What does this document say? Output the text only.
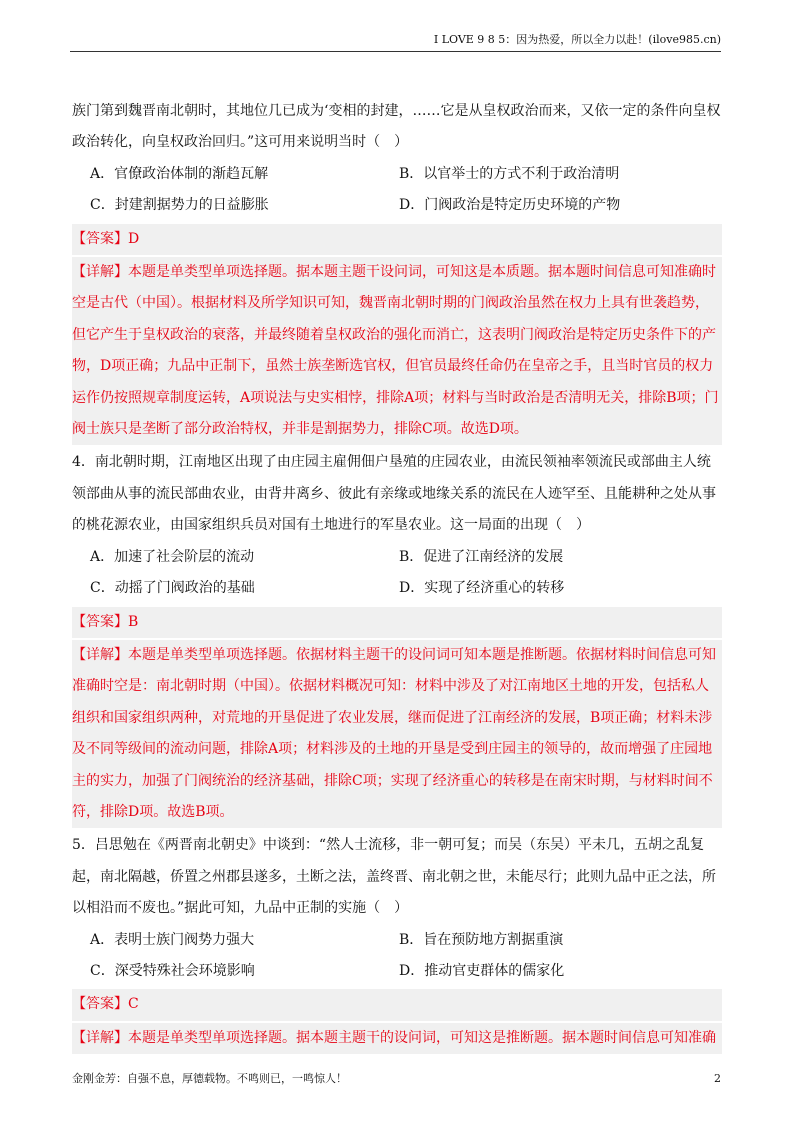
I LOVE 9 8 5：因为热爱，所以全力以赴！(ilove985.cn)

族门第到魏晋南北朝时，其地位几已成为‘变相的封建，……它是从皇权政治而来，又依一定的条件向皇权政治转化，向皇权政治回归。”这可用来说明当时（　）

A．官僚政治体制的渐趋瓦解	B．以官举士的方式不利于政治清明
C．封建割据势力的日益膨胀	D．门阀政治是特定历史环境的产物
【答案】D
【详解】本题是单类型单项选择题。据本题主题干设问词，可知这是本质题。据本题时间信息可知准确时空是古代（中国）。根据材料及所学知识可知，魏晋南北朝时期的门阀政治虽然在权力上具有世袭趋势，但它产生于皇权政治的衰落，并最终随着皇权政治的强化而消亡，这表明门阀政治是特定历史条件下的产物，D项正确；九品中正制下，虽然士族垄断选官权，但官员最终任命仍在皇帝之手，且当时官员的权力运作仍按照规章制度运转，A项说法与史实相悖，排除A项；材料与当时政治是否清明无关，排除B项；门阀士族只是垄断了部分政治特权，并非是割据势力，排除C项。故选D项。

4．南北朝时期，江南地区出现了由庄园主雇佣佃户垦殖的庄园农业，由流民领袖率领流民或部曲主人统领部曲从事的流民部曲农业，由背井离乡、彼此有亲缘或地缘关系的流民在人迹罕至、且能耕种之处从事的桃花源农业，由国家组织兵员对国有土地进行的军垦农业。这一局面的出现（　）

A．加速了社会阶层的流动	B．促进了江南经济的发展
C．动摇了门阀政治的基础	D．实现了经济重心的转移
【答案】B
【详解】本题是单类型单项选择题。依据材料主题干的设问词可知本题是推断题。依据材料时间信息可知准确时空是：南北朝时期（中国）。依据材料概况可知：材料中涉及了对江南地区土地的开发，包括私人组织和国家组织两种，对荒地的开垦促进了农业发展，继而促进了江南经济的发展，B项正确；材料未涉及不同等级间的流动问题，排除A项；材料涉及的土地的开垦是受到庄园主的领导的，故而增强了庄园地主的实力，加强了门阀统治的经济基础，排除C项；实现了经济重心的转移是在南宋时期，与材料时间不符，排除D项。故选B项。

5．吕思勉在《两晋南北朝史》中谈到：“然人士流移，非一朝可复；而吴（东吴）平未几，五胡之乱复起，南北隔越，侨置之州郡县遂多，土断之法，盖终晋、南北朝之世，未能尽行；此则九品中正之法，所以相沿而不废也。”据此可知，九品中正制的实施（　）

A．表明士族门阀势力强大	B．旨在预防地方割据重演
C．深受特殊社会环境影响	D．推动官吏群体的儒家化
【答案】C
【详解】本题是单类型单项选择题。据本题主题干的设问词，可知这是推断题。据本题时间信息可知准确
金刚金芳：自强不息，厚德载物。不鸣则已，一鸣惊人！	2
